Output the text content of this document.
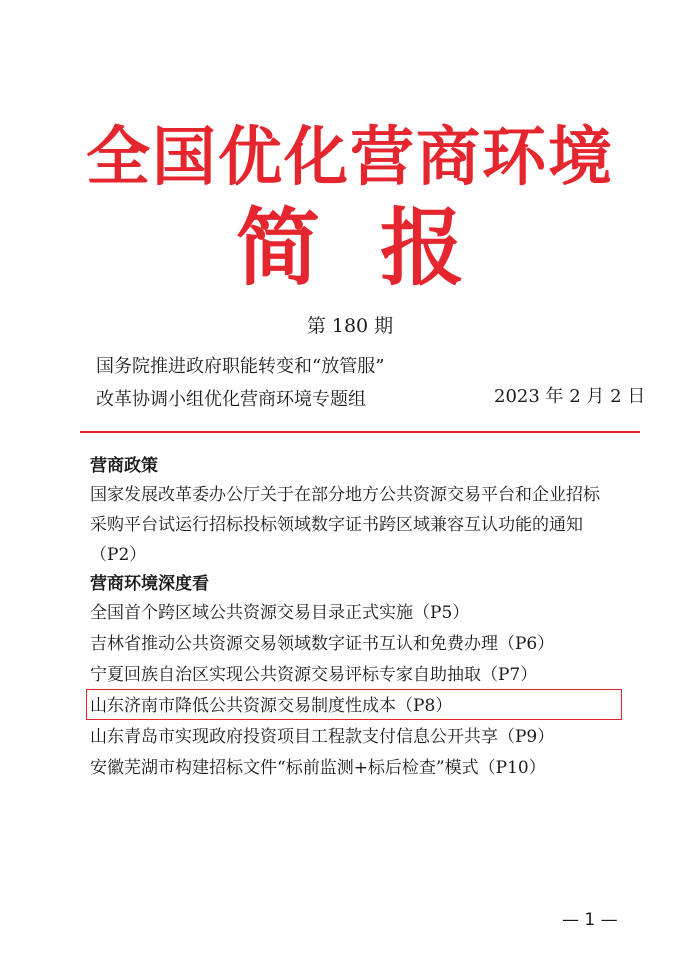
全国优化营商环境
简报
第 180 期
国务院推进政府职能转变和“放管服”
改革协调小组优化营商环境专题组	2023 年 2 月 2 日
营商政策
国家发展改革委办公厅关于在部分地方公共资源交易平台和企业招标
采购平台试运行招标投标领域数字证书跨区域兼容互认功能的通知
（P2）
营商环境深度看
全国首个跨区域公共资源交易目录正式实施（P5）
吉林省推动公共资源交易领域数字证书互认和免费办理（P6）
宁夏回族自治区实现公共资源交易评标专家自助抽取（P7）
山东济南市降低公共资源交易制度性成本（P8）
山东青岛市实现政府投资项目工程款支付信息公开共享（P9）
安徽芜湖市构建招标文件“标前监测+标后检查”模式（P10）
— 1 —
